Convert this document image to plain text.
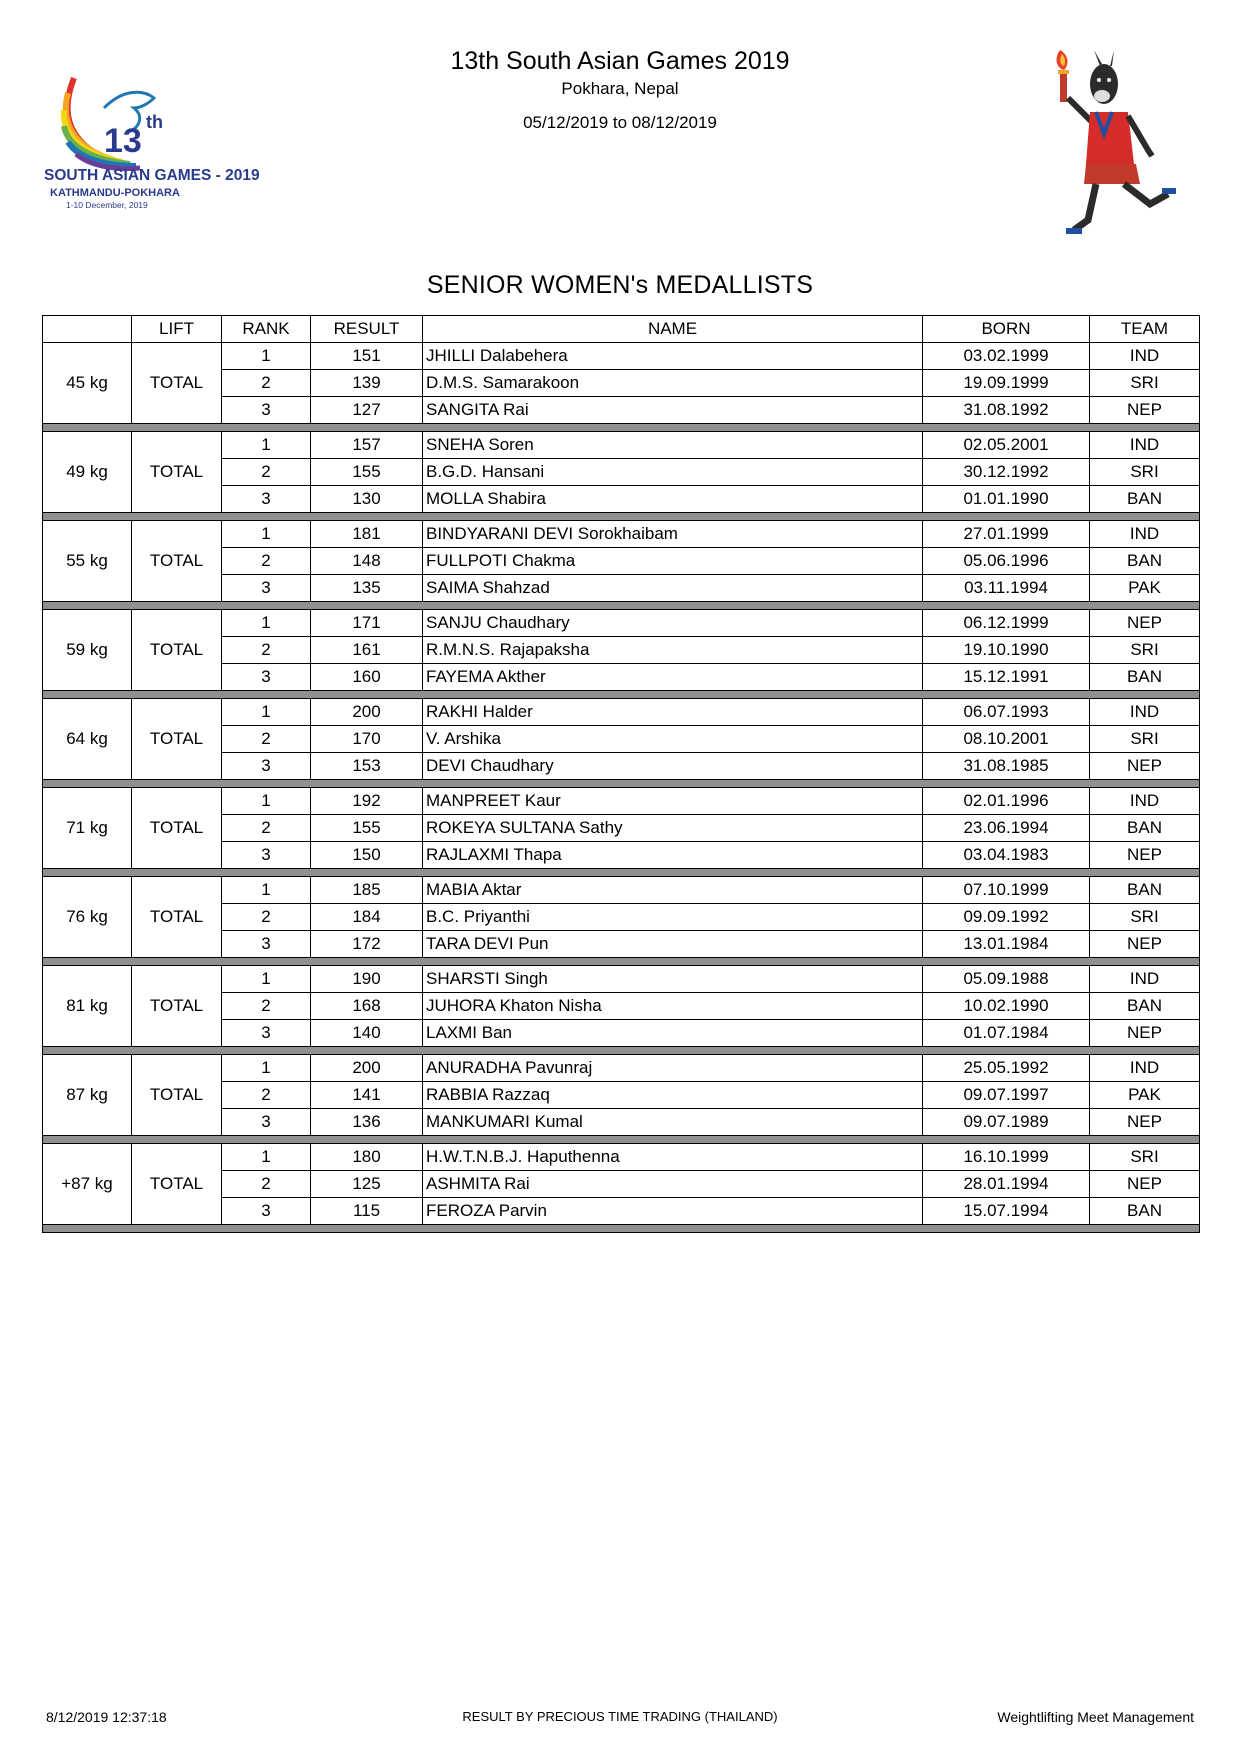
13 th
SOUTH ASIAN GAMES - 2019
KATHMANDU-POKHARA
1-10 December, 2019
13th South Asian Games 2019
Pokhara, Nepal
05/12/2019 to 08/12/2019
SENIOR WOMEN's MEDALLISTS
	LIFT	RANK	RESULT	NAME	BORN	TEAM
45 kg	TOTAL	1	151	JHILLI Dalabehera	03.02.1999	IND
		2	139	D.M.S. Samarakoon	19.09.1999	SRI
		3	127	SANGITA Rai	31.08.1992	NEP

49 kg	TOTAL	1	157	SNEHA Soren	02.05.2001	IND
		2	155	B.G.D. Hansani	30.12.1992	SRI
		3	130	MOLLA Shabira	01.01.1990	BAN

55 kg	TOTAL	1	181	BINDYARANI DEVI Sorokhaibam	27.01.1999	IND
		2	148	FULLPOTI Chakma	05.06.1996	BAN
		3	135	SAIMA Shahzad	03.11.1994	PAK

59 kg	TOTAL	1	171	SANJU Chaudhary	06.12.1999	NEP
		2	161	R.M.N.S. Rajapaksha	19.10.1990	SRI
		3	160	FAYEMA Akther	15.12.1991	BAN

64 kg	TOTAL	1	200	RAKHI Halder	06.07.1993	IND
		2	170	V. Arshika	08.10.2001	SRI
		3	153	DEVI Chaudhary	31.08.1985	NEP

71 kg	TOTAL	1	192	MANPREET Kaur	02.01.1996	IND
		2	155	ROKEYA SULTANA Sathy	23.06.1994	BAN
		3	150	RAJLAXMI Thapa	03.04.1983	NEP

76 kg	TOTAL	1	185	MABIA Aktar	07.10.1999	BAN
		2	184	B.C. Priyanthi	09.09.1992	SRI
		3	172	TARA DEVI Pun	13.01.1984	NEP

81 kg	TOTAL	1	190	SHARSTI Singh	05.09.1988	IND
		2	168	JUHORA Khaton Nisha	10.02.1990	BAN
		3	140	LAXMI Ban	01.07.1984	NEP

87 kg	TOTAL	1	200	ANURADHA Pavunraj	25.05.1992	IND
		2	141	RABBIA Razzaq	09.07.1997	PAK
		3	136	MANKUMARI Kumal	09.07.1989	NEP

+87 kg	TOTAL	1	180	H.W.T.N.B.J. Haputhenna	16.10.1999	SRI
		2	125	ASHMITA Rai	28.01.1994	NEP
		3	115	FEROZA Parvin	15.07.1994	BAN

8/12/2019 12:37:18	RESULT BY PRECIOUS TIME TRADING (THAILAND)	Weightlifting Meet Management
